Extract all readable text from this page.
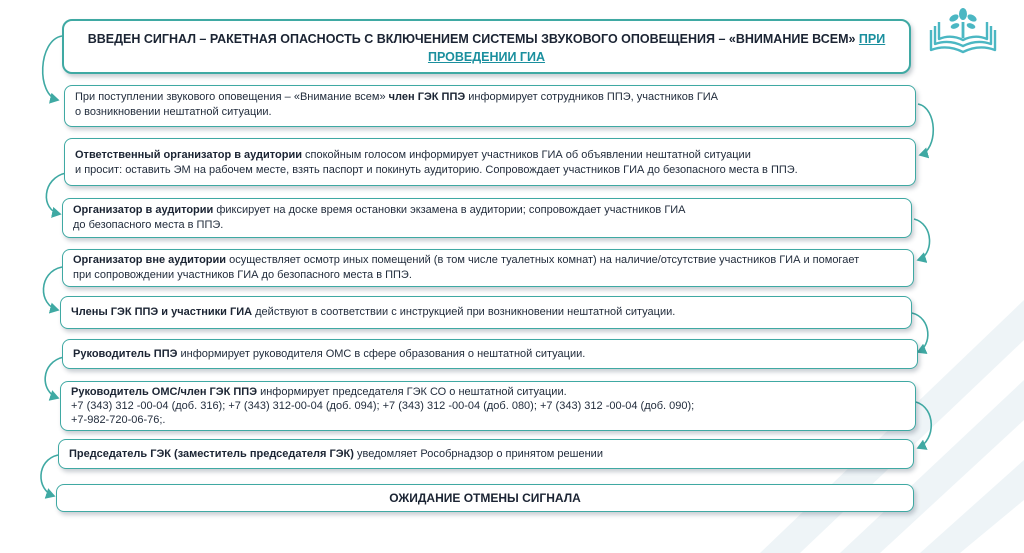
ВВЕДЕН СИГНАЛ – РАКЕТНАЯ ОПАСНОСТЬ С ВКЛЮЧЕНИЕМ СИСТЕМЫ ЗВУКОВОГО ОПОВЕЩЕНИЯ – «ВНИМАНИЕ ВСЕМ» ПРИ ПРОВЕДЕНИИ ГИА
При поступлении звукового оповещения – «Внимание всем» член ГЭК ППЭ информирует сотрудников ППЭ, участников ГИА
о возникновении нештатной ситуации.
Ответственный организатор в аудитории спокойным голосом информирует участников ГИА об объявлении нештатной ситуации
и просит: оставить ЭМ на рабочем месте, взять паспорт и покинуть аудиторию. Сопровождает участников ГИА до безопасного места в ППЭ.
Организатор в аудитории фиксирует на доске время остановки экзамена в аудитории; сопровождает участников ГИА
до безопасного места в ППЭ.
Организатор вне аудитории осуществляет осмотр иных помещений (в том числе туалетных комнат) на наличие/отсутствие участников ГИА и помогает
при сопровождении участников ГИА до безопасного места в ППЭ.
Члены ГЭК ППЭ и участники ГИА действуют в соответствии с инструкцией при возникновении нештатной ситуации.
Руководитель ППЭ информирует руководителя ОМС в сфере образования о нештатной ситуации.
Руководитель ОМС/член ГЭК ППЭ информирует председателя ГЭК СО о нештатной ситуации.
+7 (343) 312 -00-04 (доб. 316); +7 (343) 312-00-04 (доб. 094); +7 (343) 312 -00-04 (доб. 080); +7 (343) 312 -00-04 (доб. 090);
+7-982-720-06-76;.
Председатель ГЭК (заместитель председателя ГЭК) уведомляет Рособрнадзор о принятом решении
ОЖИДАНИЕ ОТМЕНЫ СИГНАЛА
